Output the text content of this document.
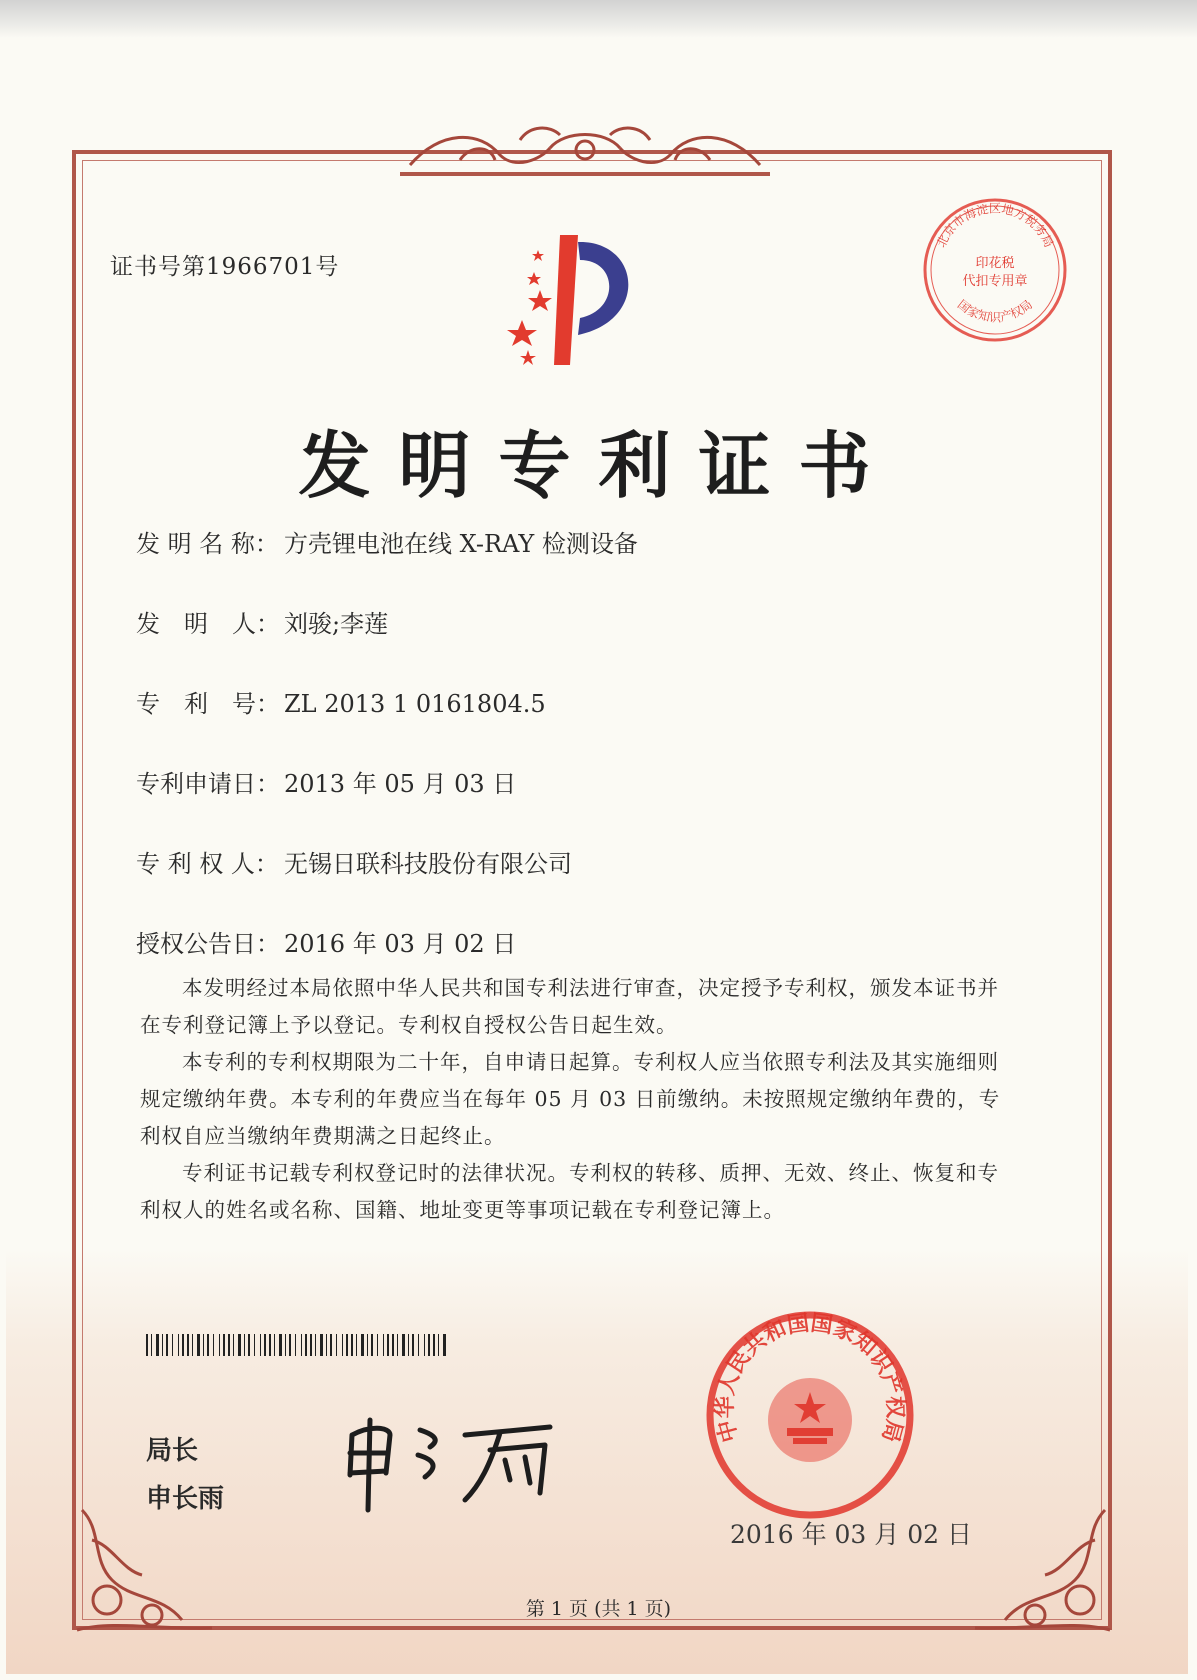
证书号第1966701号
发明专利证书
发 明 名 称： 方壳锂电池在线 X-RAY 检测设备
发　明　人： 刘骏;李莲
专　利　号： ZL 2013 1 0161804.5
专利申请日： 2013 年 05 月 03 日
专 利 权 人： 无锡日联科技股份有限公司
授权公告日： 2016 年 03 月 02 日
本发明经过本局依照中华人民共和国专利法进行审查，决定授予专利权，颁发本证书并在专利登记簿上予以登记。专利权自授权公告日起生效。
本专利的专利权期限为二十年，自申请日起算。专利权人应当依照专利法及其实施细则规定缴纳年费。本专利的年费应当在每年 05 月 03 日前缴纳。未按照规定缴纳年费的，专利权自应当缴纳年费期满之日起终止。
专利证书记载专利权登记时的法律状况。专利权的转移、质押、无效、终止、恢复和专利权人的姓名或名称、国籍、地址变更等事项记载在专利登记簿上。
局长
申长雨
中华人民共和国国家知识产权局
2016 年 03 月 02 日
北京市海淀区地方税务局
国家知识产权局
印花税
代扣专用章
第 1 页 (共 1 页)
